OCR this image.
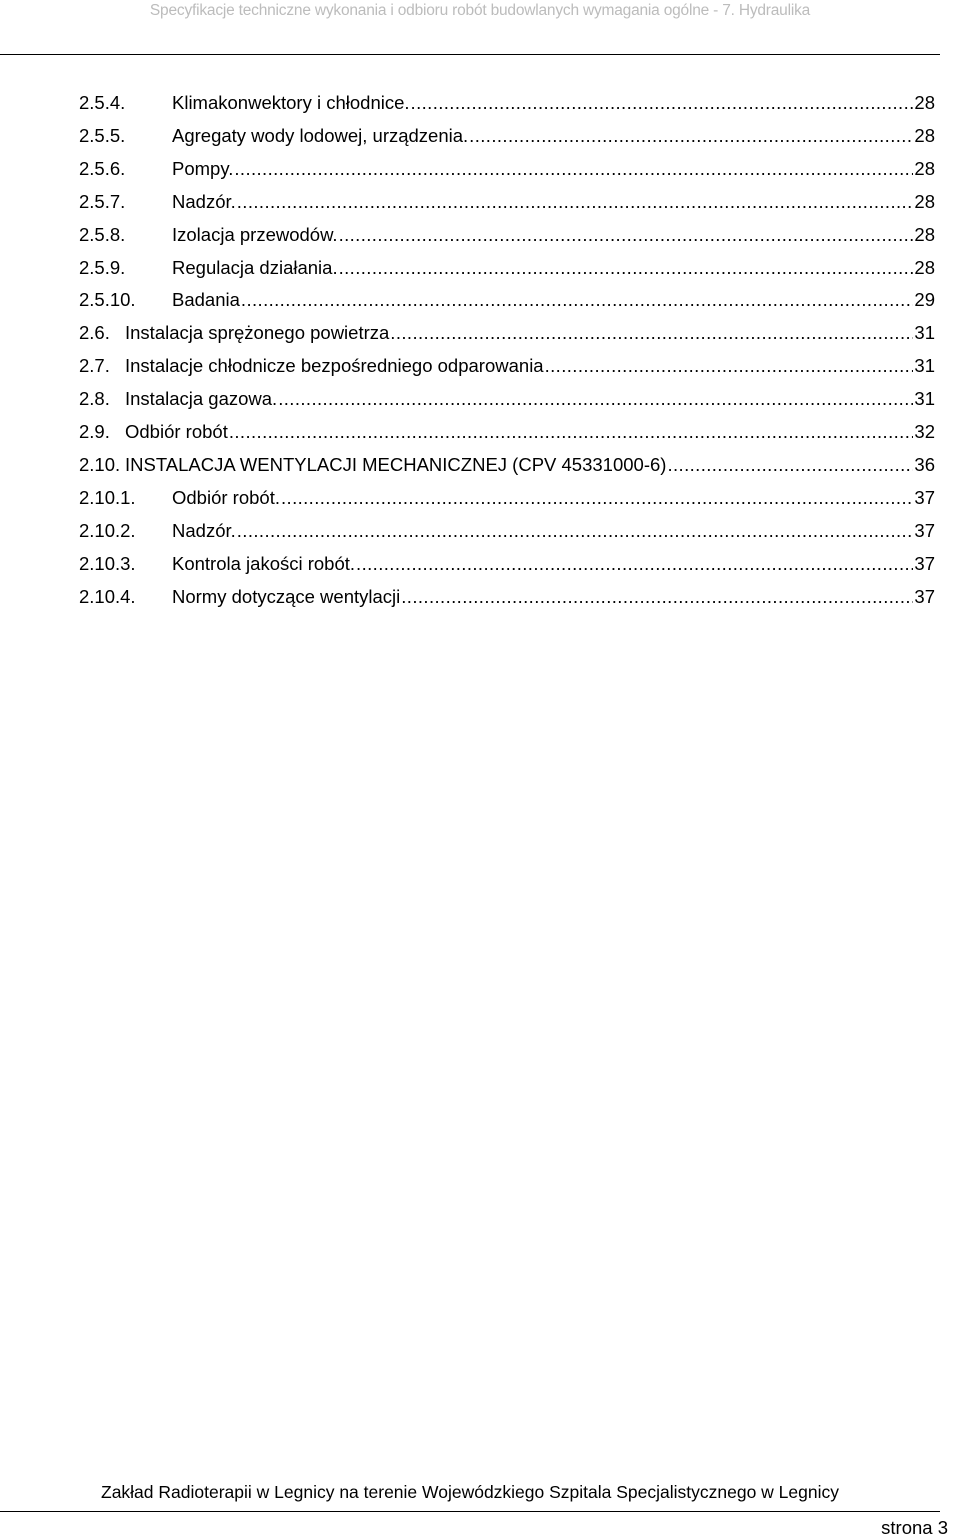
Specyfikacje techniczne wykonania i odbioru robót budowlanych wymagania ogólne - 7. Hydraulika
2.5.4.	Klimakonwektory i chłodnice. .....	28
2.5.5.	Agregaty wody lodowej, urządzenia. .....	28
2.5.6.	Pompy. .....	28
2.5.7.	Nadzór. .....	28
2.5.8.	Izolacja przewodów. .....	28
2.5.9.	Regulacja działania. .....	28
2.5.10. Badania .....	29
2.6. Instalacja sprężonego powietrza .....	31
2.7. Instalacje chłodnicze bezpośredniego odparowania .....	31
2.8. Instalacja gazowa. .....	31
2.9. Odbiór robót .....	32
2.10. INSTALACJA WENTYLACJI MECHANICZNEJ (CPV 45331000-6) .....	36
2.10.1. Odbiór robót. .....	37
2.10.2. Nadzór. .....	37
2.10.3. Kontrola jakości robót. .....	37
2.10.4. Normy dotyczące wentylacji .....	37
Zakład Radioterapii w Legnicy na terenie Wojewódzkiego Szpitala Specjalistycznego w Legnicy
strona 3
